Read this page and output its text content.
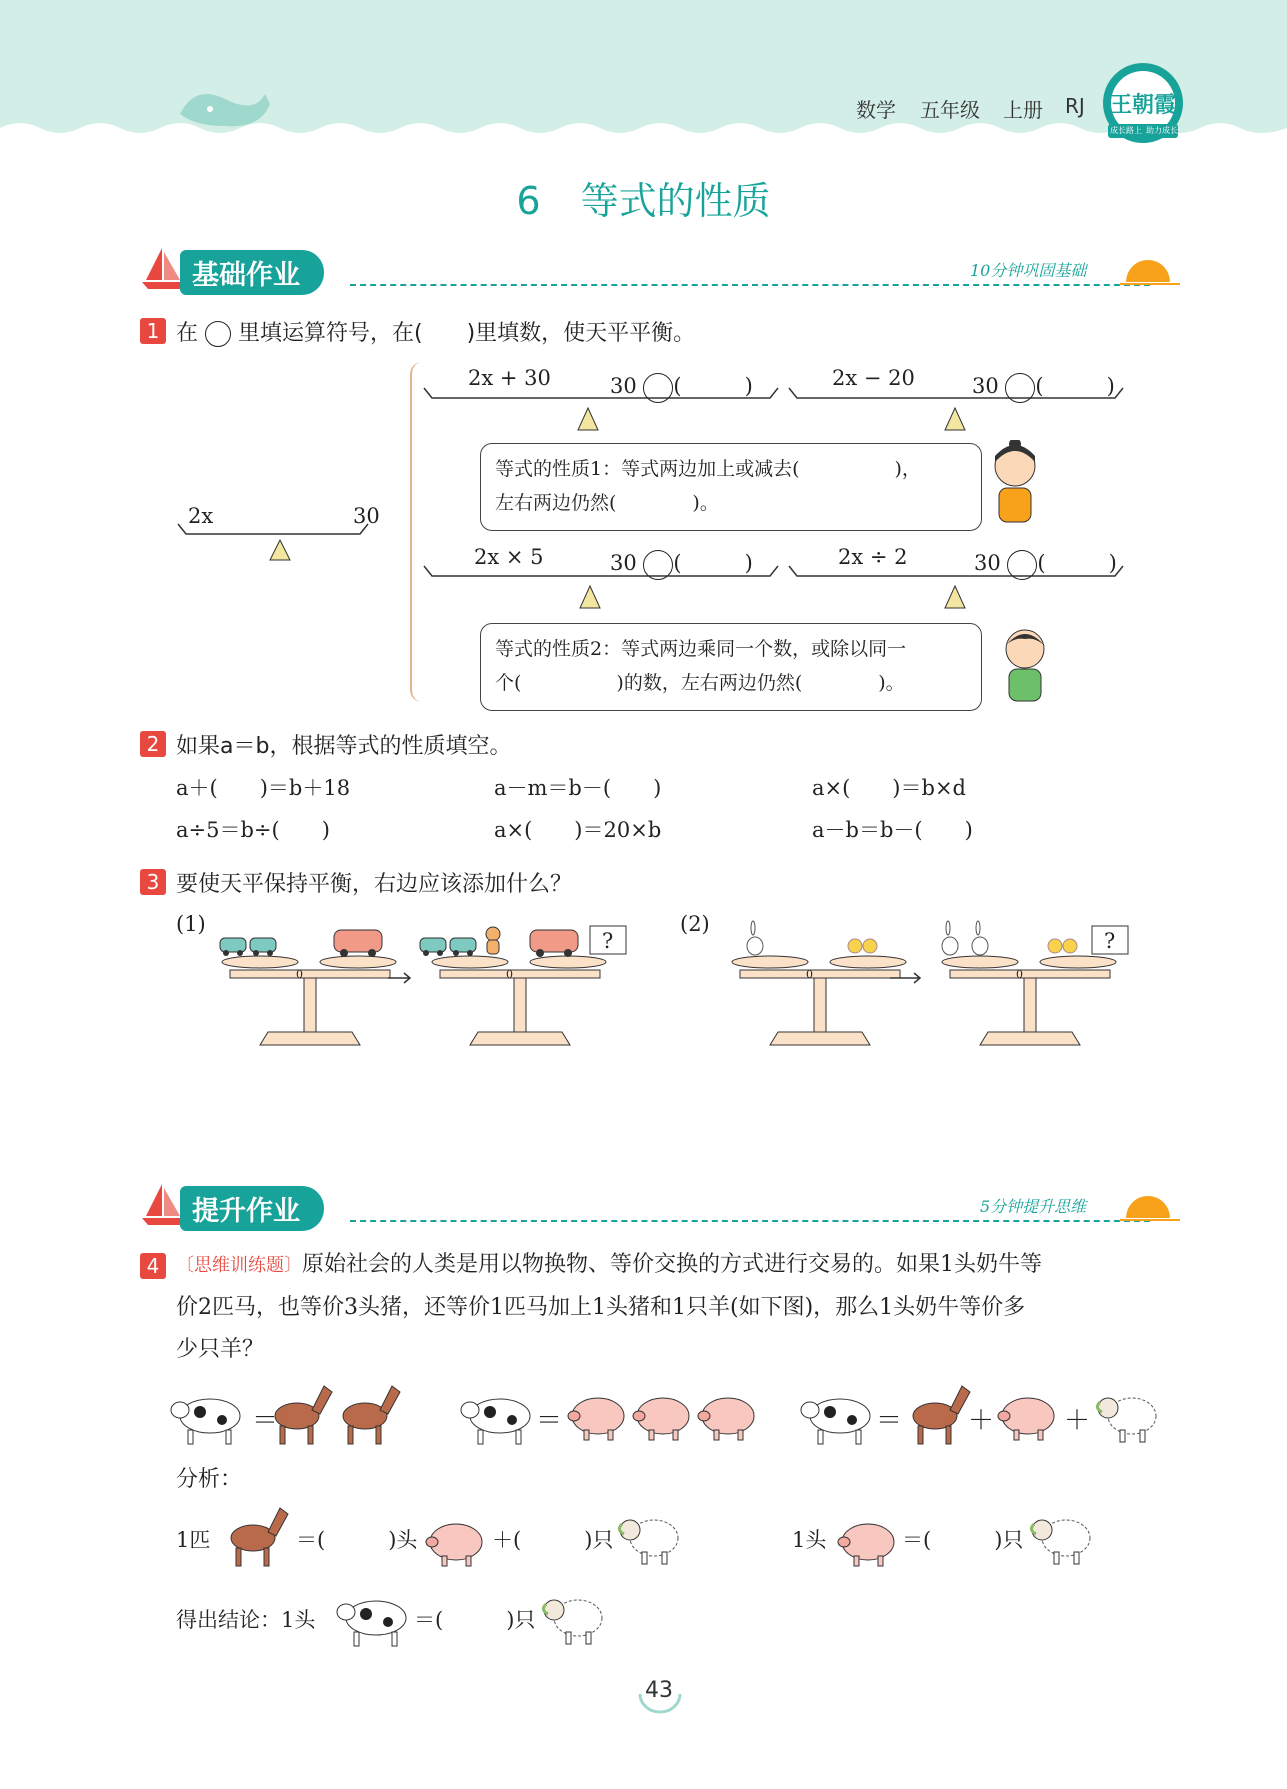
数学 五年级 上册 RJ	王朝霞
成长路上 助力成长
6 等式的性质
基础作业	10分钟巩固基础
1 在 里填运算符号，在(　　)里填数，使天平平衡。
2x	30
2x + 30	30 (　　　)	2x − 20	30 (　　　)
等式的性质1：等式两边加上或减去(　　　　　)，
左右两边仍然(　　　　)。
2x × 5	30 (　　　)	2x ÷ 2	30 (　　　)
等式的性质2：等式两边乘同一个数，或除以同一
个(　　　　　)的数，左右两边仍然(　　　　)。
2 如果a＝b，根据等式的性质填空。
a＋(　　)＝b＋18	a－m＝b－(　　)	a×(　　)＝b×d
a÷5＝b÷(　　)	a×(　　)＝20×b	a－b＝b－(　　)
3 要使天平保持平衡，右边应该添加什么？
(1)	(2)
0	0	0	0
?	?
提升作业	5分钟提升思维
4 〔思维训练题〕原始社会的人类是用以物换物、等价交换的方式进行交易的。如果1头奶牛等
价2匹马，也等价3头猪，还等价1匹马加上1头猪和1只羊(如下图)，那么1头奶牛等价多
少只羊？
＝	＝	＝	＋	＋
分析：
1匹	＝(　　　)头	＋(　　　)只	1头	＝(　　　)只
得出结论：1头	＝(　　　)只
43
